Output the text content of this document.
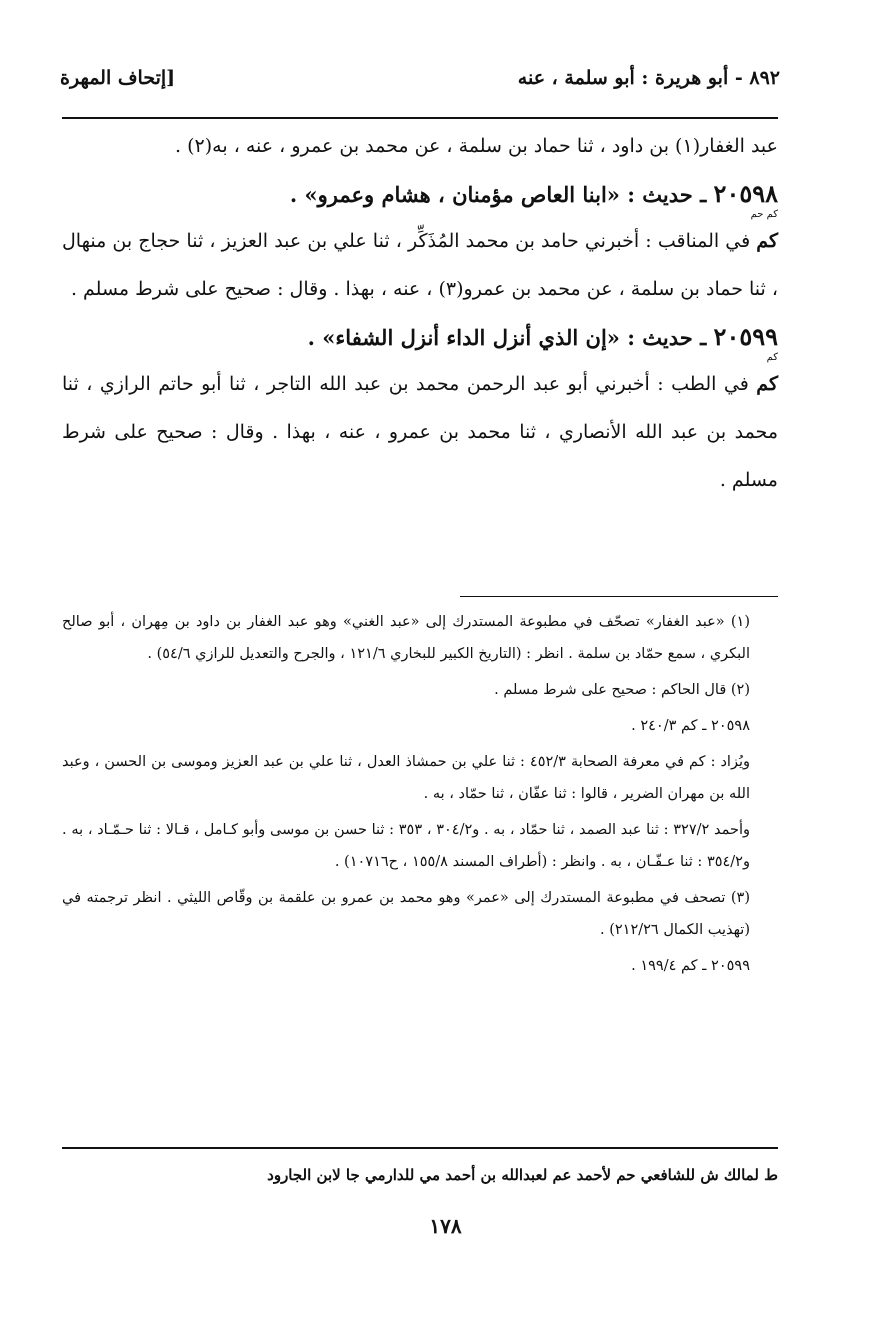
٨٩٢ - أبو هريرة : أبو سلمة ، عنه
[إتحاف المهرة

عبد الغفار(١) بن داود ، ثنا حماد بن سلمة ، عن محمد بن عمرو ، عنه ، به(٢) .

٢٠٥٩٨ ـ حديث : «ابنا العاص مؤمنان ، هشام وعمرو» .
كم حم

كم في المناقب : أخبرني حامد بن محمد المُذَكِّر ، ثنا علي بن عبد العزيز ، ثنا حجاج بن منهال ، ثنا حماد بن سلمة ، عن محمد بن عمرو(٣) ، عنه ، بهذا . وقال : صحيح على شرط مسلم .

٢٠٥٩٩ ـ حديث : «إن الذي أنزل الداء أنزل الشفاء» .
كم

كم في الطب : أخبرني أبو عبد الرحمن محمد بن عبد الله التاجر ، ثنا أبو حاتم الرازي ، ثنا محمد بن عبد الله الأنصاري ، ثنا محمد بن عمرو ، عنه ، بهذا . وقال : صحيح على شرط مسلم .

(١) «عبد الغفار» تصحّف في مطبوعة المستدرك إلى «عبد الغني» وهو عبد الغفار بن داود بن مِهران ، أبو صالح البكري ، سمع حمّاد بن سلمة . انظر : (التاريخ الكبير للبخاري ١٢١/٦ ، والجرح والتعديل للرازي ٥٤/٦) .

(٢) قال الحاكم : صحيح على شرط مسلم .

٢٠٥٩٨ ـ كم ٢٤٠/٣ .

ويُزاد : كم في معرفة الصحابة ٤٥٢/٣ : ثنا علي بن حمشاذ العدل ، ثنا علي بن عبد العزيز وموسى بن الحسن ، وعبد الله بن مهران الضرير ، قالوا : ثنا عفّان ، ثنا حمّاد ، به .

وأحمد ٣٢٧/٢ : ثنا عبد الصمد ، ثنا حمّاد ، به . و٣٠٤/٢ ، ٣٥٣ : ثنا حسن بن موسى وأبو كـامل ، قـالا : ثنا حـمّـاد ، به . و٣٥٤/٢ : ثنا عـفّـان ، به . وانظر : (أطراف المسند ١٥٥/٨ ، ح١٠٧١٦) .

(٣) تصحف في مطبوعة المستدرك إلى «عمر» وهو محمد بن عمرو بن علقمة بن وقّاص الليثي . انظر ترجمته في (تهذيب الكمال ٢١٢/٢٦) .

٢٠٥٩٩ ـ كم ١٩٩/٤ .

ط لمالك ش للشافعي حم لأحمد عم لعبدالله بن أحمد مي للدارمي جا لابن الجارود
١٧٨
